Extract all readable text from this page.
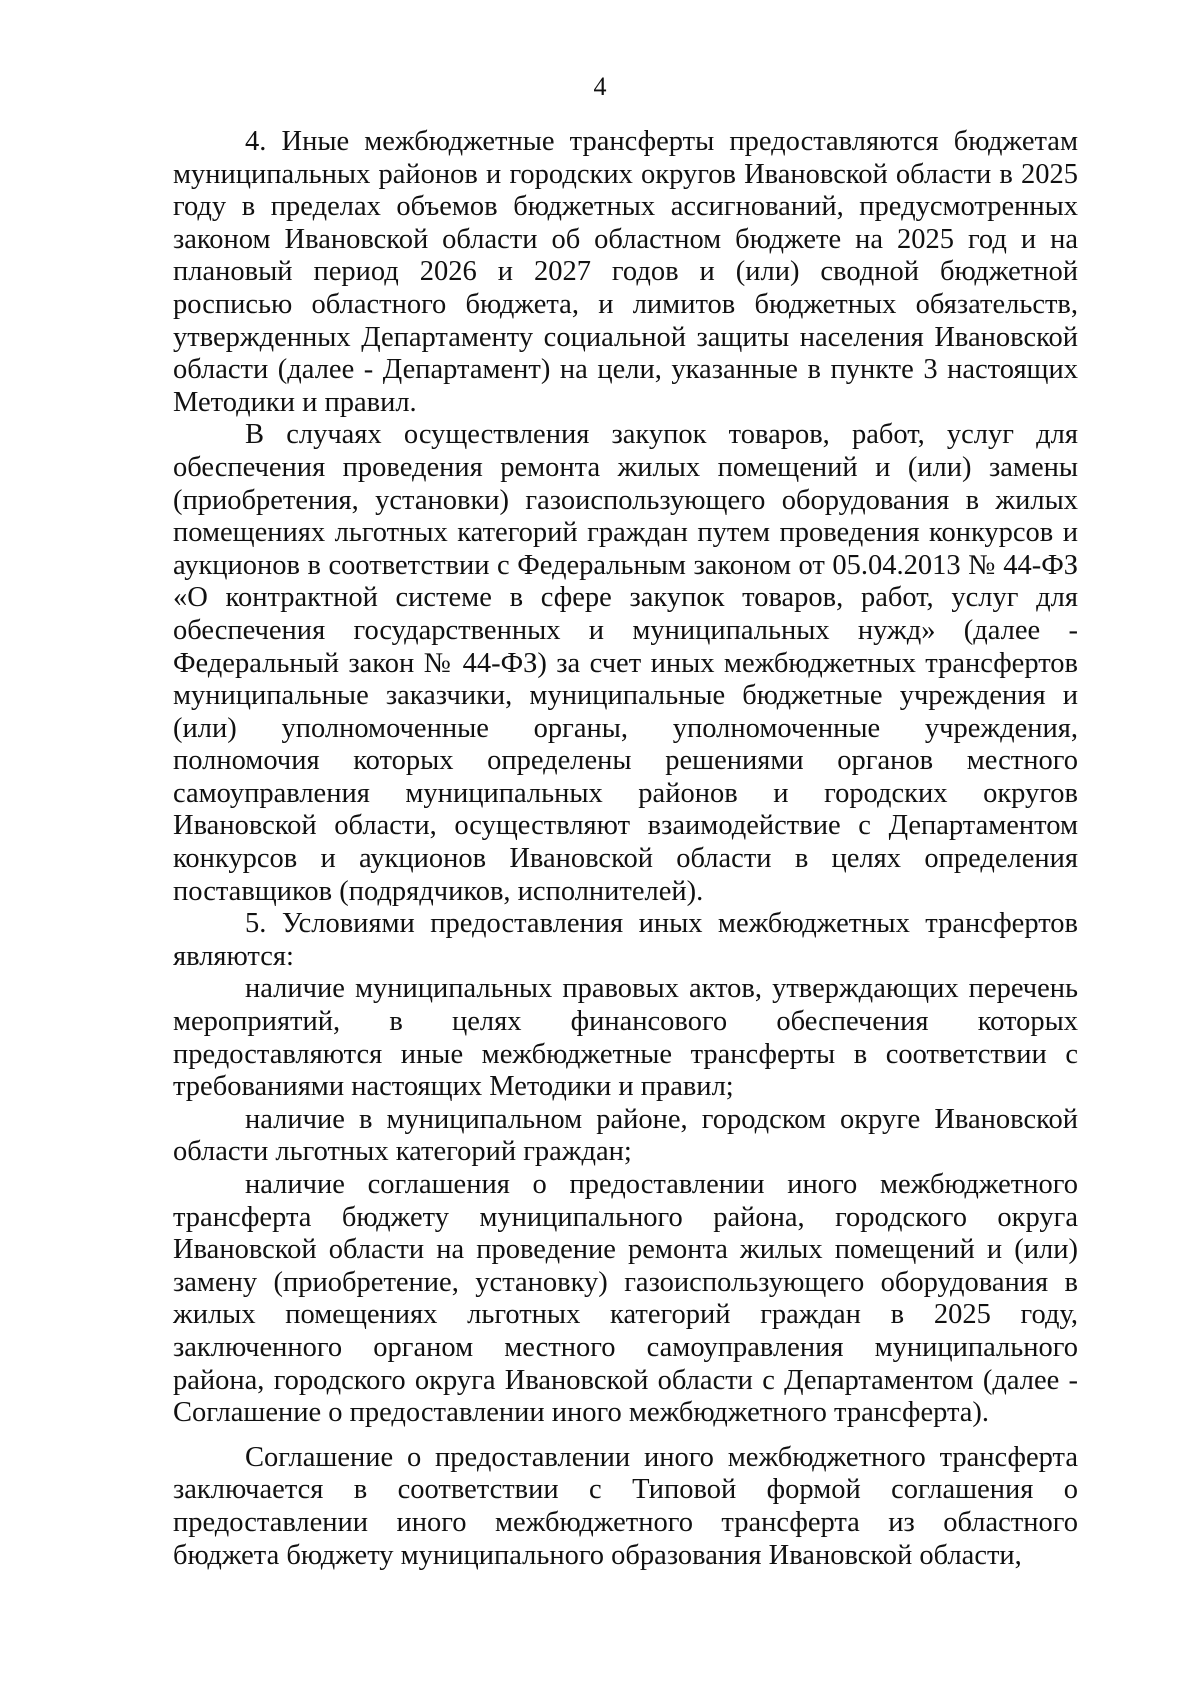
4

4. Иные межбюджетные трансферты предоставляются бюджетам муниципальных районов и городских округов Ивановской области в 2025 году в пределах объемов бюджетных ассигнований, предусмотренных законом Ивановской области об областном бюджете на 2025 год и на плановый период 2026 и 2027 годов и (или) сводной бюджетной росписью областного бюджета, и лимитов бюджетных обязательств, утвержденных Департаменту социальной защиты населения Ивановской области (далее - Департамент) на цели, указанные в пункте 3 настоящих Методики и правил.

В случаях осуществления закупок товаров, работ, услуг для обеспечения проведения ремонта жилых помещений и (или) замены (приобретения, установки) газоиспользующего оборудования в жилых помещениях льготных категорий граждан путем проведения конкурсов и аукционов в соответствии с Федеральным законом от 05.04.2013 № 44-ФЗ «О контрактной системе в сфере закупок товаров, работ, услуг для обеспечения государственных и муниципальных нужд» (далее - Федеральный закон № 44-ФЗ) за счет иных межбюджетных трансфертов муниципальные заказчики, муниципальные бюджетные учреждения и (или) уполномоченные органы, уполномоченные учреждения, полномочия которых определены решениями органов местного самоуправления муниципальных районов и городских округов Ивановской области, осуществляют взаимодействие с Департаментом конкурсов и аукционов Ивановской области в целях определения поставщиков (подрядчиков, исполнителей).

5. Условиями предоставления иных межбюджетных трансфертов являются:

наличие муниципальных правовых актов, утверждающих перечень мероприятий, в целях финансового обеспечения которых предоставляются иные межбюджетные трансферты в соответствии с требованиями настоящих Методики и правил;

наличие в муниципальном районе, городском округе Ивановской области льготных категорий граждан;

наличие соглашения о предоставлении иного межбюджетного трансферта бюджету муниципального района, городского округа Ивановской области на проведение ремонта жилых помещений и (или) замену (приобретение, установку) газоиспользующего оборудования в жилых помещениях льготных категорий граждан в 2025 году, заключенного органом местного самоуправления муниципального района, городского округа Ивановской области с Департаментом (далее - Соглашение о предоставлении иного межбюджетного трансферта).

Соглашение о предоставлении иного межбюджетного трансферта заключается в соответствии с Типовой формой соглашения о предоставлении иного межбюджетного трансферта из областного бюджета бюджету муниципального образования Ивановской области,
